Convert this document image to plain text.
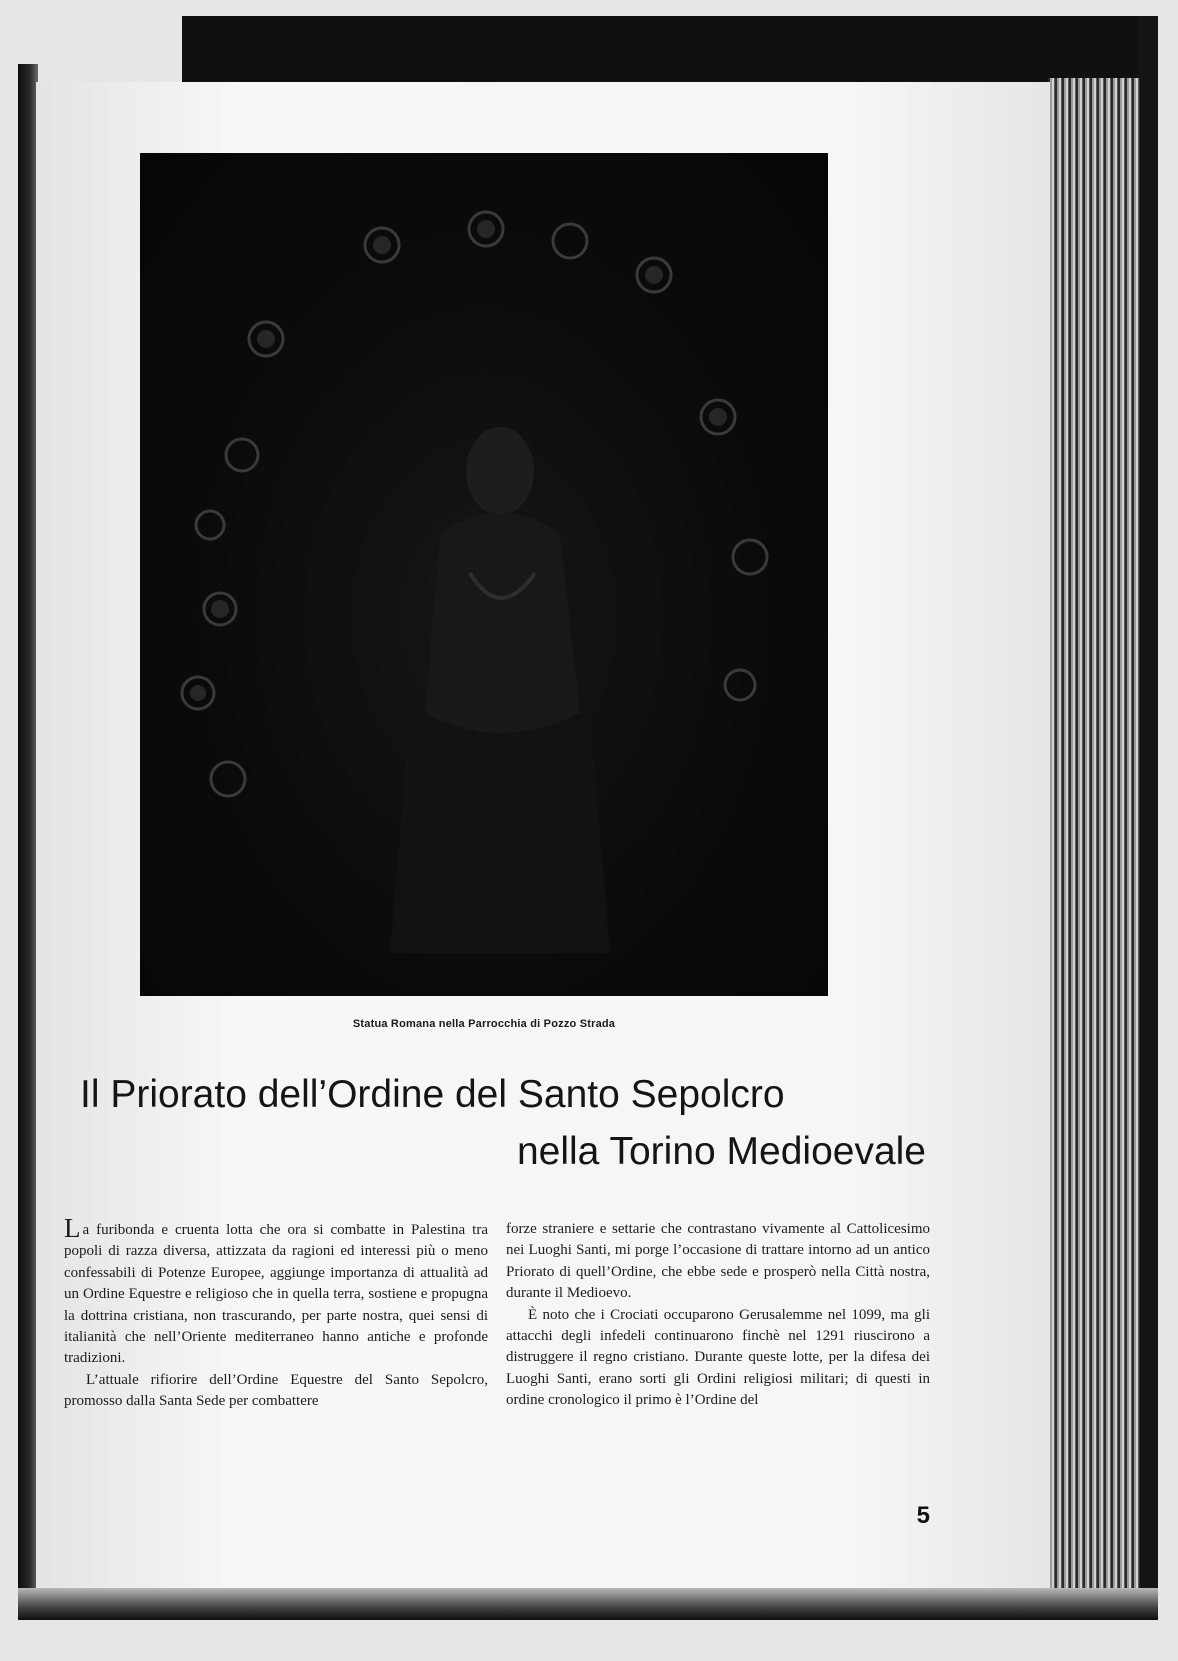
Statua Romana nella Parrocchia di Pozzo Strada
Il Priorato dell’Ordine del Santo Sepolcro
nella Torino Medioevale

La furibonda e cruenta lotta che ora si combatte in Palestina tra popoli di razza diversa, attizzata da ragioni ed interessi più o meno confessabili di Potenze Europee, aggiunge importanza di attualità ad un Ordine Equestre e religioso che in quella terra, sostiene e propugna la dottrina cristiana, non trascurando, per parte nostra, quei sensi di italianità che nell’Oriente mediterraneo hanno antiche e profonde tradizioni.

L’attuale rifiorire dell’Ordine Equestre del Santo Sepolcro, promosso dalla Santa Sede per combattere

forze straniere e settarie che contrastano vivamente al Cattolicesimo nei Luoghi Santi, mi porge l’occasione di trattare intorno ad un antico Priorato di quell’Ordine, che ebbe sede e prosperò nella Città nostra, durante il Medioevo.

È noto che i Crociati occuparono Gerusalemme nel 1099, ma gli attacchi degli infedeli continuarono finchè nel 1291 riuscirono a distruggere il regno cristiano. Durante queste lotte, per la difesa dei Luoghi Santi, erano sorti gli Ordini religiosi militari; di questi in ordine cronologico il primo è l’Ordine del

5
